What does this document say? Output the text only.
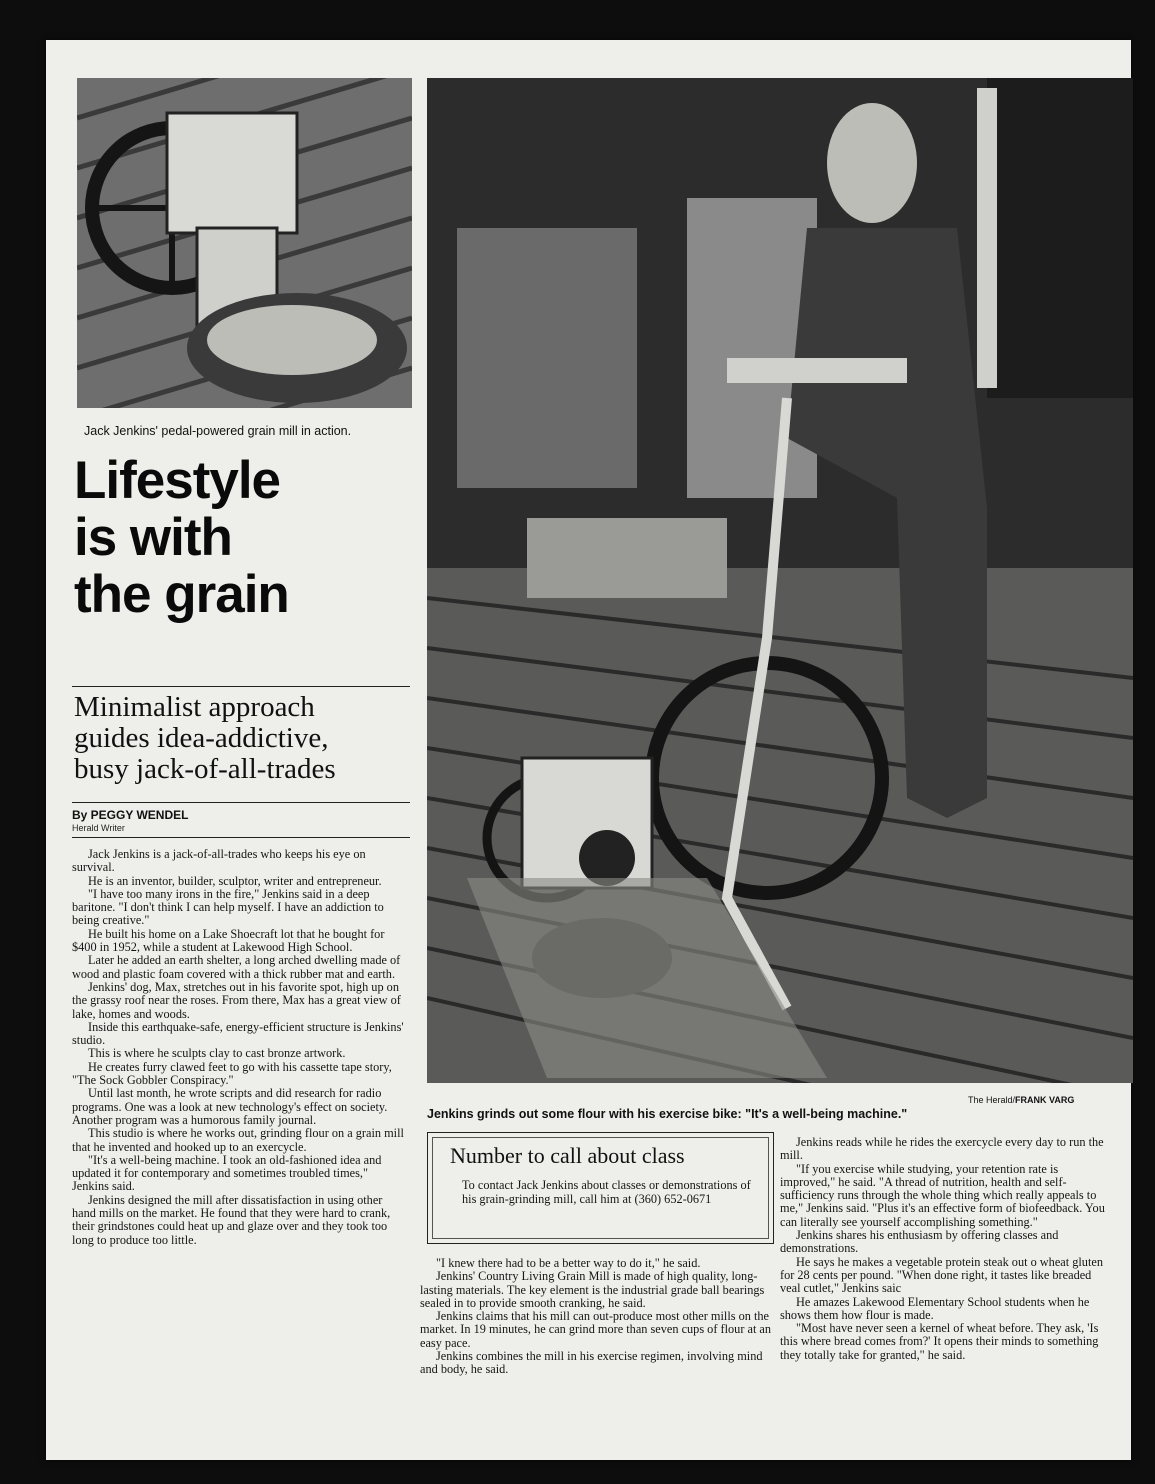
Jack Jenkins' pedal-powered grain mill in action.
Lifestyle
is with
the grain
Minimalist approach
guides idea-addictive,
busy jack-of-all-trades
By PEGGY WENDEL
Herald Writer

Jack Jenkins is a jack-of-all-trades who keeps his eye on survival.

He is an inventor, builder, sculptor, writer and entrepreneur.

"I have too many irons in the fire," Jenkins said in a deep baritone. "I don't think I can help myself. I have an addiction to being creative."

He built his home on a Lake Shoecraft lot that he bought for $400 in 1952, while a student at Lakewood High School.

Later he added an earth shelter, a long arched dwelling made of wood and plastic foam covered with a thick rubber mat and earth.

Jenkins' dog, Max, stretches out in his favorite spot, high up on the grassy roof near the roses. From there, Max has a great view of lake, homes and woods.

Inside this earthquake-safe, energy-efficient structure is Jenkins' studio.

This is where he sculpts clay to cast bronze artwork.

He creates furry clawed feet to go with his cassette tape story, "The Sock Gobbler Conspiracy."

Until last month, he wrote scripts and did research for radio programs. One was a look at new technology's effect on society. Another program was a humorous family journal.

This studio is where he works out, grinding flour on a grain mill that he invented and hooked up to an exercycle.

"It's a well-being machine. I took an old-fashioned idea and updated it for contemporary and sometimes troubled times," Jenkins said.

Jenkins designed the mill after dissatisfaction in using other hand mills on the market. He found that they were hard to crank, their grindstones could heat up and glaze over and they took too long to produce too little.

The Herald/FRANK VARG
Jenkins grinds out some flour with his exercise bike: "It's a well-being machine."
Number to call about class
To contact Jack Jenkins about classes or demonstrations of his grain-grinding mill, call him at (360) 652-0671

"I knew there had to be a better way to do it," he said.

Jenkins' Country Living Grain Mill is made of high quality, long-lasting materials. The key element is the industrial grade ball bearings sealed in to provide smooth cranking, he said.

Jenkins claims that his mill can out-produce most other mills on the market. In 19 minutes, he can grind more than seven cups of flour at an easy pace.

Jenkins combines the mill in his exercise regimen, involving mind and body, he said.

Jenkins reads while he rides the exercycle every day to run the mill.

"If you exercise while studying, your retention rate is improved," he said. "A thread of nutrition, health and self-sufficiency runs through the whole thing which really appeals to me," Jenkins said. "Plus it's an effective form of biofeedback. You can literally see yourself accomplishing something."

Jenkins shares his enthusiasm by offering classes and demonstrations.

He says he makes a vegetable protein steak out o wheat gluten for 28 cents per pound. "When done right, it tastes like breaded veal cutlet," Jenkins saic

He amazes Lakewood Elementary School students when he shows them how flour is made.

"Most have never seen a kernel of wheat before. They ask, 'Is this where bread comes from?' It opens their minds to something they totally take for granted," he said.
